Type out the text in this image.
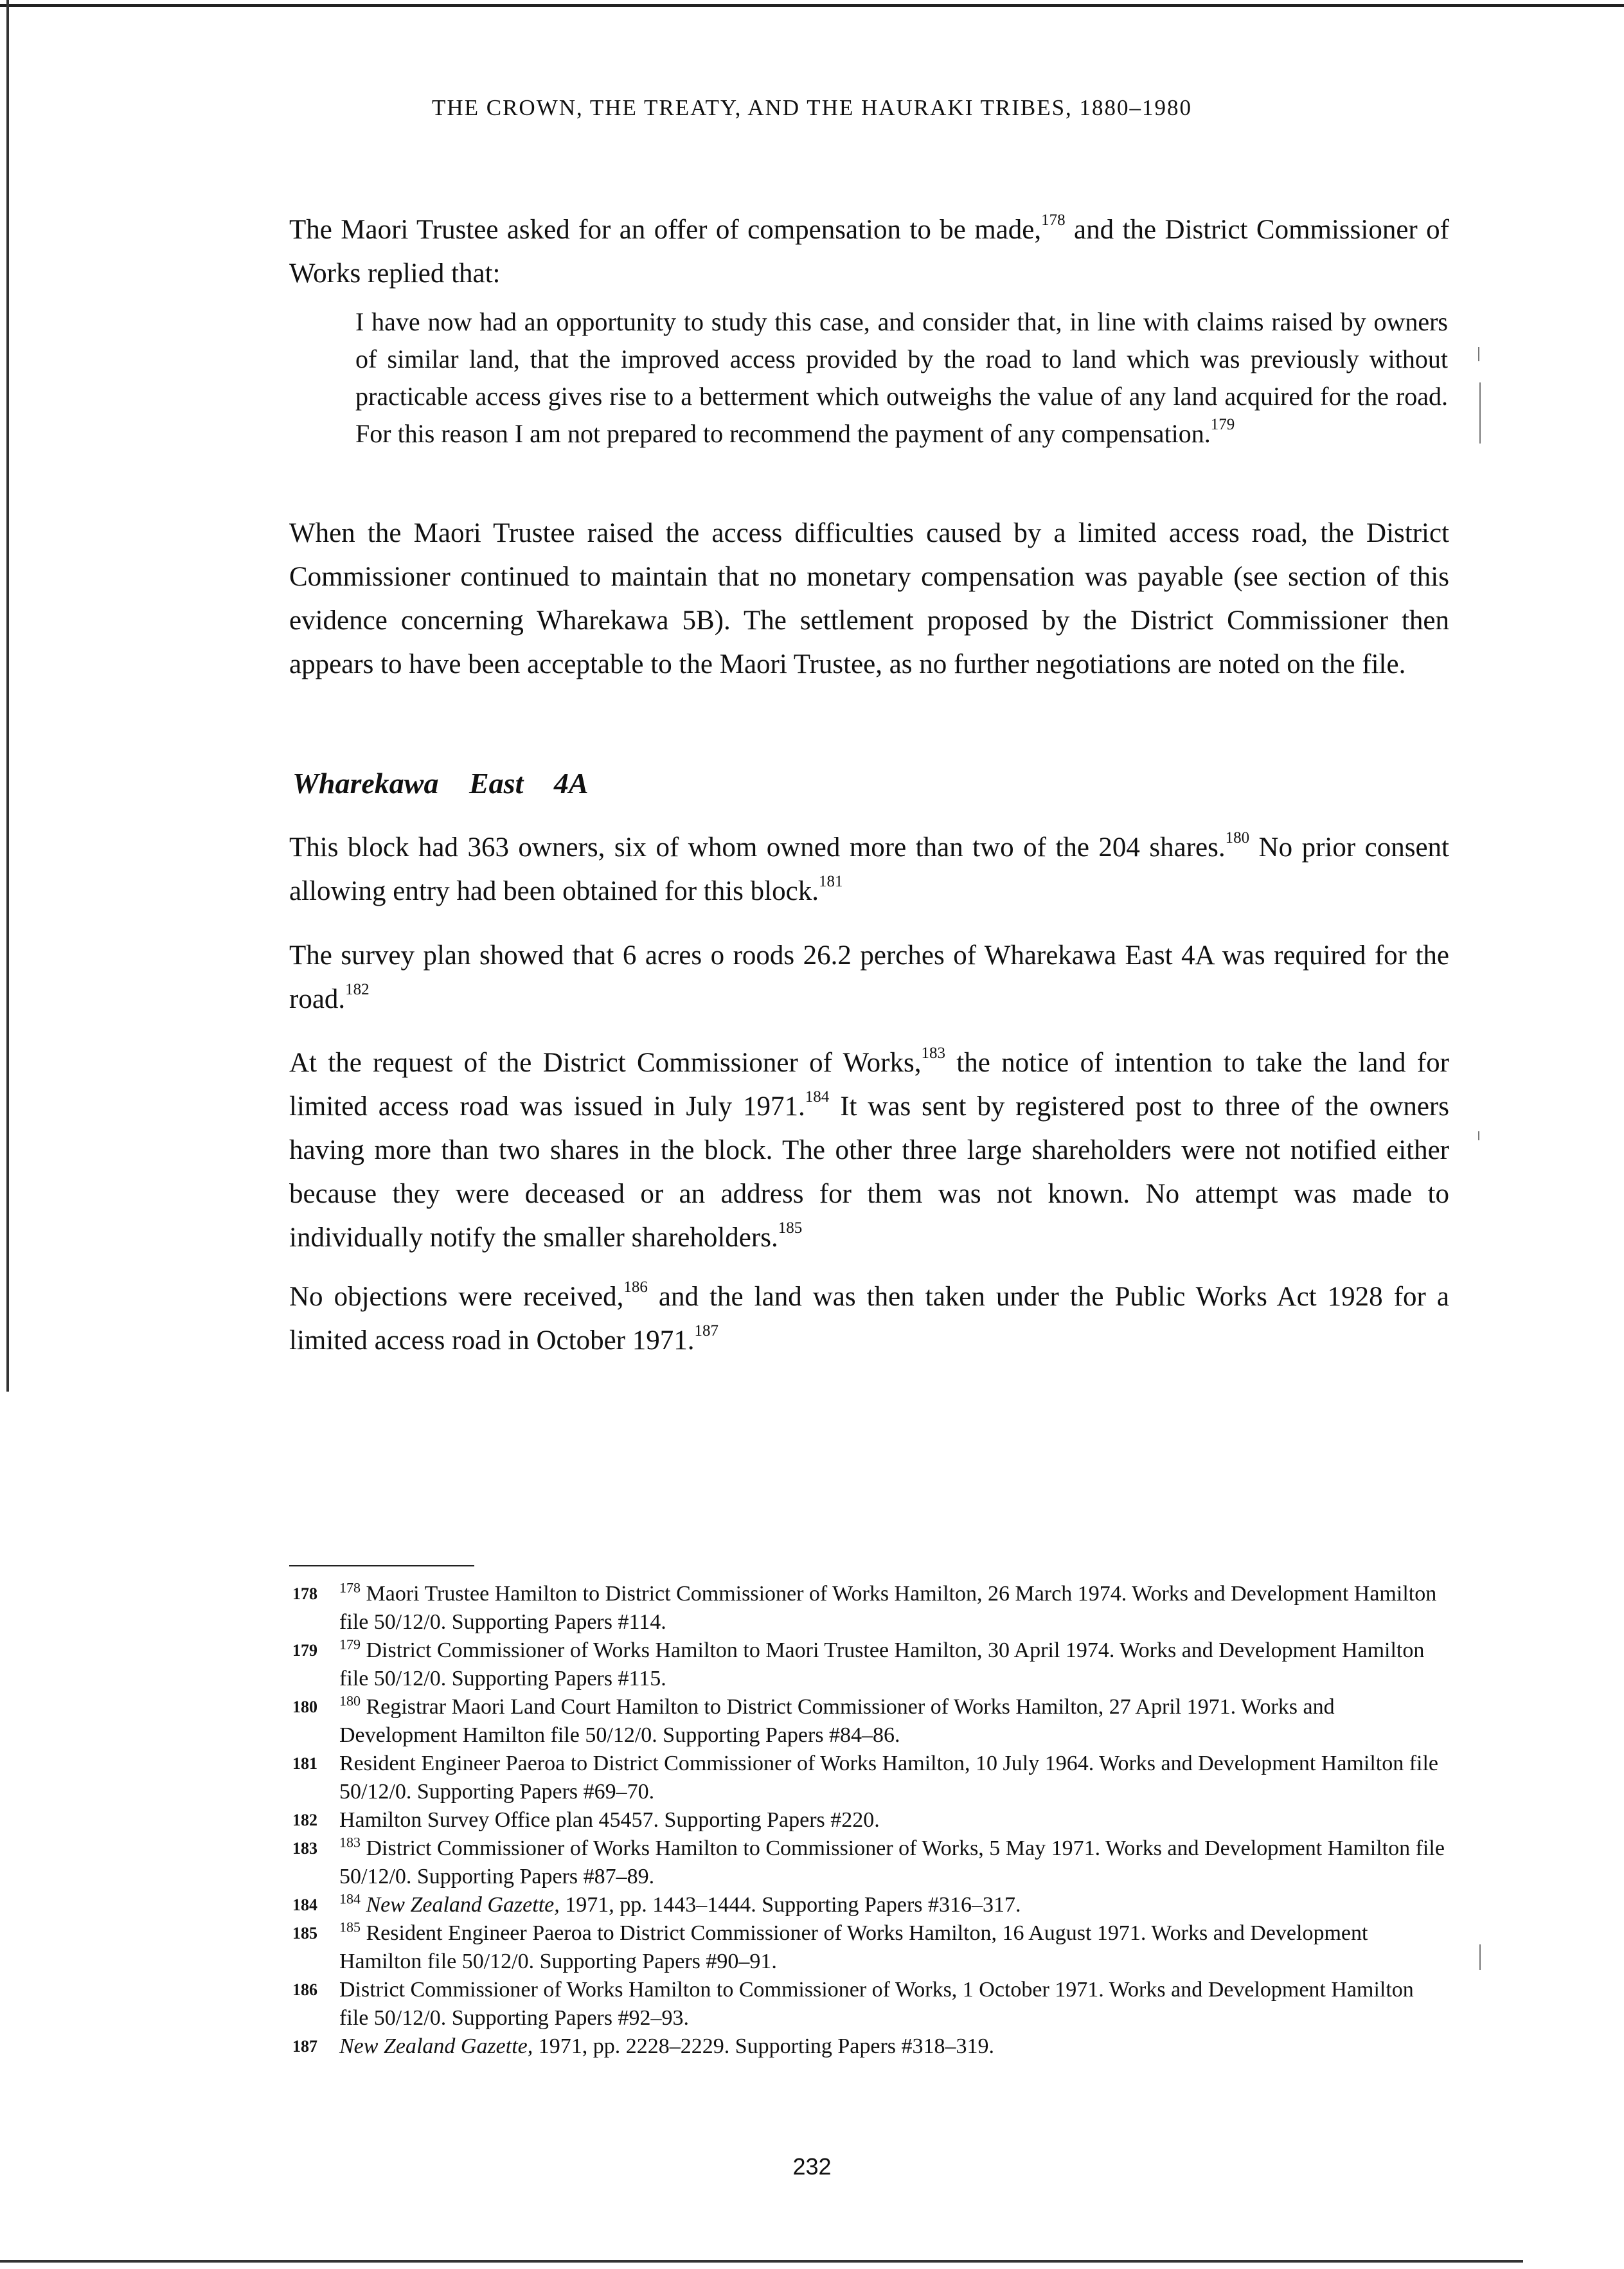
THE CROWN, THE TREATY, AND THE HAURAKI TRIBES, 1880–1980

The Maori Trustee asked for an offer of compensation to be made,$^{178}$ and the District Commissioner of Works replied that:

I have now had an opportunity to study this case, and consider that, in line with claims raised by owners of similar land, that the improved access provided by the road to land which was previously without practicable access gives rise to a betterment which outweighs the value of any land acquired for the road. For this reason I am not prepared to recommend the payment of any compensation.$^{179}$

When the Maori Trustee raised the access difficulties caused by a limited access road, the District Commissioner continued to maintain that no monetary compensation was payable (see section of this evidence concerning Wharekawa 5B). The settlement proposed by the District Commissioner then appears to have been acceptable to the Maori Trustee, as no further negotiations are noted on the file.

Wharekawa East 4A

This block had 363 owners, six of whom owned more than two of the 204 shares.$^{180}$ No prior consent allowing entry had been obtained for this block.$^{181}$

The survey plan showed that 6 acres o roods 26.2 perches of Wharekawa East 4A was required for the road.$^{182}$

At the request of the District Commissioner of Works,$^{183}$ the notice of intention to take the land for limited access road was issued in July 1971.$^{184}$ It was sent by registered post to three of the owners having more than two shares in the block. The other three large shareholders were not notified either because they were deceased or an address for them was not known. No attempt was made to individually notify the smaller shareholders.$^{185}$

No objections were received,$^{186}$ and the land was then taken under the Public Works Act 1928 for a limited access road in October 1971.$^{187}$

178 $^{178}$ Maori Trustee Hamilton to District Commissioner of Works Hamilton, 26 March 1974. Works and Development Hamilton file 50/12/0. Supporting Papers #114.
179 $^{179}$ District Commissioner of Works Hamilton to Maori Trustee Hamilton, 30 April 1974. Works and Development Hamilton file 50/12/0. Supporting Papers #115.
180 $^{180}$ Registrar Maori Land Court Hamilton to District Commissioner of Works Hamilton, 27 April 1971. Works and Development Hamilton file 50/12/0. Supporting Papers #84–86.
181 Resident Engineer Paeroa to District Commissioner of Works Hamilton, 10 July 1964. Works and Development Hamilton file 50/12/0. Supporting Papers #69–70.
182 Hamilton Survey Office plan 45457. Supporting Papers #220.
183 $^{183}$ District Commissioner of Works Hamilton to Commissioner of Works, 5 May 1971. Works and Development Hamilton file 50/12/0. Supporting Papers #87–89.
184 $^{184}$ New Zealand Gazette, 1971, pp. 1443–1444. Supporting Papers #316–317.
185 $^{185}$ Resident Engineer Paeroa to District Commissioner of Works Hamilton, 16 August 1971. Works and Development Hamilton file 50/12/0. Supporting Papers #90–91.
186 District Commissioner of Works Hamilton to Commissioner of Works, 1 October 1971. Works and Development Hamilton file 50/12/0. Supporting Papers #92–93.
187 New Zealand Gazette, 1971, pp. 2228–2229. Supporting Papers #318–319.
232
